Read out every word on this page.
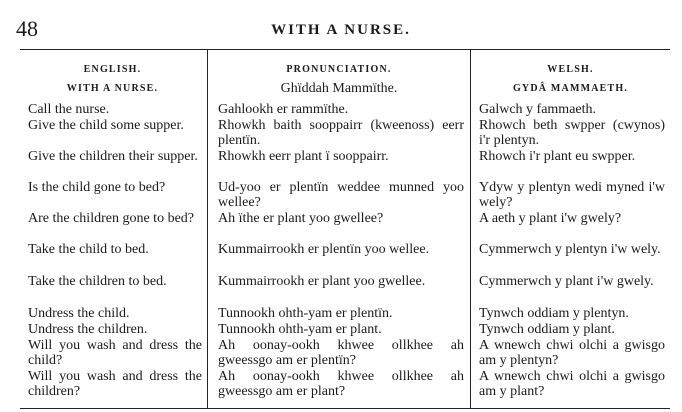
48	WITH A NURSE.
ENGLISH.
WITH A NURSE.
Call the nurse.
Give the child some supper.
Give the children their supper.
Is the child gone to bed?
Are the children gone to bed?
Take the child to bed.
Take the children to bed.
Undress the child.
Undress the children.
Will you wash and dress the child?
Will you wash and dress the children?
PRONUNCIATION.
Ghïddah Mammïthe.
Gahlookh er rammïthe.
Rhowkh baith sooppairr (kweenoss) eerr plentïn.
Rhowkh eerr plant ï sooppairr.
Ud-yoo er plentïn weddee munned yoo wellee?
Ah ïthe er plant yoo gwellee?
Kummairrookh er plentïn yoo wellee.
Kummairrookh er plant yoo gwellee.
Tunnookh ohth-yam er plentïn.
Tunnookh ohth-yam er plant.
Ah oonay-ookh khwee ollkhee ah gweessgo am er plentïn?
Ah oonay-ookh khwee ollkhee ah gweessgo am er plant?
WELSH.
GYDÂ MAMMAETH.
Galwch y fammaeth.
Rhowch beth swpper (cwynos) i'r plentyn.
Rhowch i'r plant eu swpper.
Ydyw y plentyn wedi myned i'w wely?
A aeth y plant i'w gwely?
Cymmerwch y plentyn i'w wely.
Cymmerwch y plant i'w gwely.
Tynwch oddiam y plentyn.
Tynwch oddiam y plant.
A wnewch chwi olchi a gwisgo am y plentyn?
A wnewch chwi olchi a gwisgo am y plant?
